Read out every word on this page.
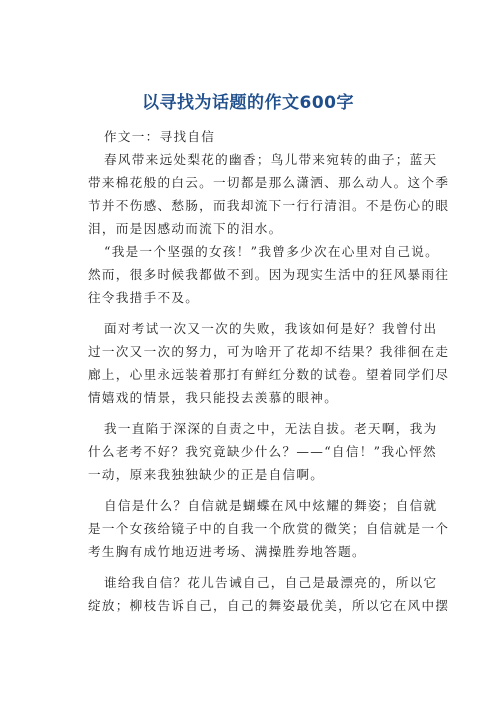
以寻找为话题的作文600字
作文一：寻找自信
春风带来远处梨花的幽香；鸟儿带来宛转的曲子；蓝天
带来棉花般的白云。一切都是那么潇洒、那么动人。这个季
节并不伤感、愁肠，而我却流下一行行清泪。不是伤心的眼
泪，而是因感动而流下的泪水。
“我是一个坚强的女孩！”我曾多少次在心里对自己说。
然而，很多时候我都做不到。因为现实生活中的狂风暴雨往
往令我措手不及。
面对考试一次又一次的失败，我该如何是好？我曾付出
过一次又一次的努力，可为啥开了花却不结果？我徘徊在走
廊上，心里永远装着那打有鲜红分数的试卷。望着同学们尽
情嬉戏的情景，我只能投去羡慕的眼神。
我一直陷于深深的自责之中，无法自拔。老天啊，我为
什么老考不好？我究竟缺少什么？——“自信！”我心怦然
一动，原来我独独缺少的正是自信啊。
自信是什么？自信就是蝴蝶在风中炫耀的舞姿；自信就
是一个女孩给镜子中的自我一个欣赏的微笑；自信就是一个
考生胸有成竹地迈进考场、满操胜券地答题。
谁给我自信？花儿告诫自己，自己是最漂亮的，所以它
绽放；柳枝告诉自己，自己的舞姿最优美，所以它在风中摆
